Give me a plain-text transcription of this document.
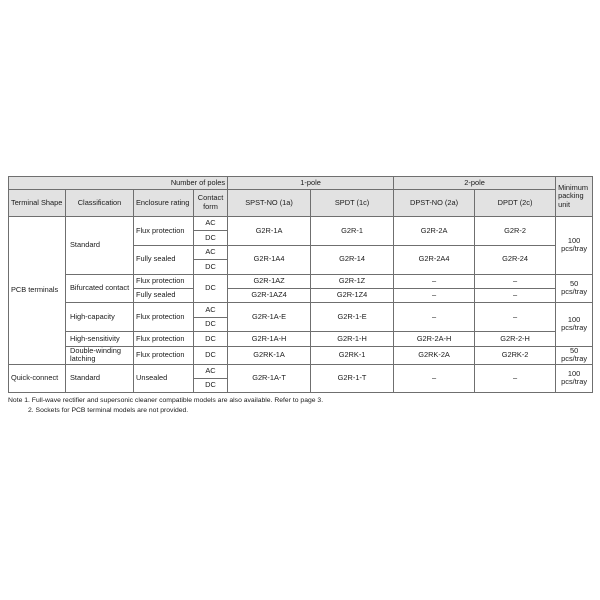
Number of poles				1-pole		2-pole		Minimum packing unit
Terminal Shape	Classification	Enclosure rating	Contact form	SPST-NO (1a)	SPDT (1c)	DPST-NO (2a)	DPDT (2c)	
PCB terminals	Standard	Flux protection	AC	G2R-1A	G2R-1	G2R-2A	G2R-2	100 pcs/tray
			DC					
		Fully sealed	AC	G2R-1A4	G2R-14	G2R-2A4	G2R-24	
			DC					
	Bifurcated contact	Flux protection	DC	G2R-1AZ	G2R-1Z	–	–	50 pcs/tray
		Fully sealed		G2R-1AZ4	G2R-1Z4	–	–	
	High-capacity	Flux protection	AC	G2R-1A-E	G2R-1-E	–	–	100 pcs/tray
			DC					
	High-sensitivity	Flux protection	DC	G2R-1A-H	G2R-1-H	G2R-2A-H	G2R-2-H	
	Double-winding latching	Flux protection	DC	G2RK-1A	G2RK-1	G2RK-2A	G2RK-2	50 pcs/tray

Quick-connect	Standard	Unsealed	AC	G2R-1A-T	G2R-1-T	–	–	100 pcs/tray
			DC					
Note 1. Full-wave rectifier and supersonic cleaner compatible models are also available. Refer to page 3.
2. Sockets for PCB terminal models are not provided.
